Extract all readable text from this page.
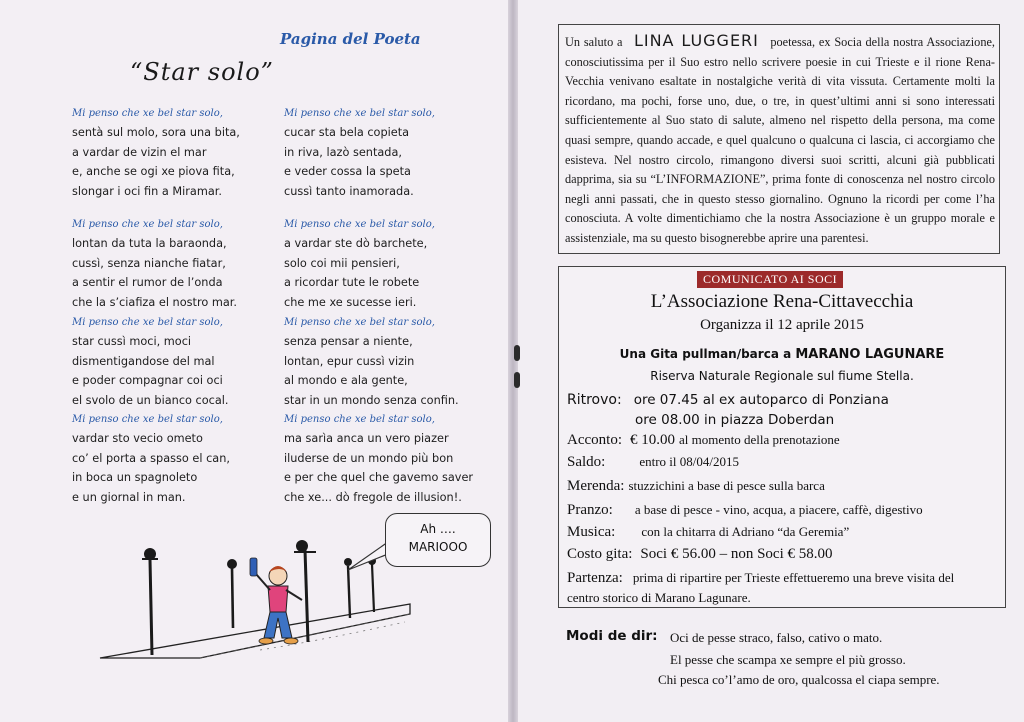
Pagina del Poeta
“Star solo”
Mi penso che xe bel star solo,
sentà sul molo, sora una bita,
a vardar de vizin el mar
e, anche se ogi xe piova fita,
slongar i oci fin a Miramar.
Mi penso che xe bel star solo,
cucar sta bela copieta
in riva, lazò sentada,
e veder cossa la speta
cussì tanto inamorada.
Mi penso che xe bel star solo,
lontan da tuta la baraonda,
cussì, senza nianche fiatar,
a sentir el rumor de l’onda
che la s’ciafiza el nostro mar.
Mi penso che xe bel star solo,
a vardar ste dò barchete,
solo coi mii pensieri,
a ricordar tute le robete
che me xe sucesse ieri.
Mi penso che xe bel star solo,
star cussì moci, moci
dismentigandose del mal
e poder compagnar coi oci
el svolo de un bianco cocal.
Mi penso che xe bel star solo,
senza pensar a niente,
lontan, epur cussì vizin
al mondo e ala gente,
star in un mondo senza confin.
Mi penso che xe bel star solo,
vardar sto vecio ometo
co’ el porta a spasso el can,
in boca un spagnoleto
e un giornal in man.
Mi penso che xe bel star solo,
ma sarìa anca un vero piazer
iluderse de un mondo più bon
e per che quel che gavemo saver
che xe... dò fregole de illusion!.
Ah ….
MARIOOO
Un saluto a LINA LUGGERI poetessa, ex Socia della nostra Associazione, conosciutissima per il Suo estro nello scrivere poesie in cui Trieste e il rione Rena-Vecchia venivano esaltate in nostalgiche verità di vita vissuta. Certamente molti la ricordano, ma pochi, forse uno, due, o tre, in quest’ultimi anni si sono interessati sufficientemente al Suo stato di salute, almeno nel rispetto della persona, ma come quasi sempre, quando accade, e quel qualcuno o qualcuna ci lascia, ci accorgiamo che esisteva. Nel nostro circolo, rimangono diversi suoi scritti, alcuni già pubblicati dapprima, sia su “L’INFORMAZIONE”, prima fonte di conoscenza nel nostro circolo negli anni passati, che in questo stesso giornalino. Ognuno la ricordi per come l’ha conosciuta. A volte dimentichiamo che la nostra Associazione è un gruppo morale e assistenziale, ma su questo bisognerebbe aprire una parentesi.
COMUNICATO AI SOCI
L’Associazione Rena-Cittavecchia
Organizza il 12 aprile 2015
Una Gita pullman/barca a MARANO LAGUNARE
Riserva Naturale Regionale sul fiume Stella.
Ritrovo: ore 07.45 al ex autoparco di Ponziana
ore 08.00 in piazza Doberdan
Acconto: € 10.00 al momento della prenotazione
Saldo:	entro il 08/04/2015
Merenda: stuzzichini a base di pesce sulla barca
Pranzo: a base di pesce - vino, acqua, a piacere, caffè, digestivo
Musica: con la chitarra di Adriano “da Geremia”
Costo gita: Soci € 56.00 – non Soci € 58.00
Partenza: prima di ripartire per Trieste effettueremo una breve visita del
centro storico di Marano Lagunare.
Modi de dir: Oci de pesse straco, falso, cativo o mato.
El pesse che scampa xe sempre el più grosso.
Chi pesca co’l’amo de oro, qualcossa el ciapa sempre.
